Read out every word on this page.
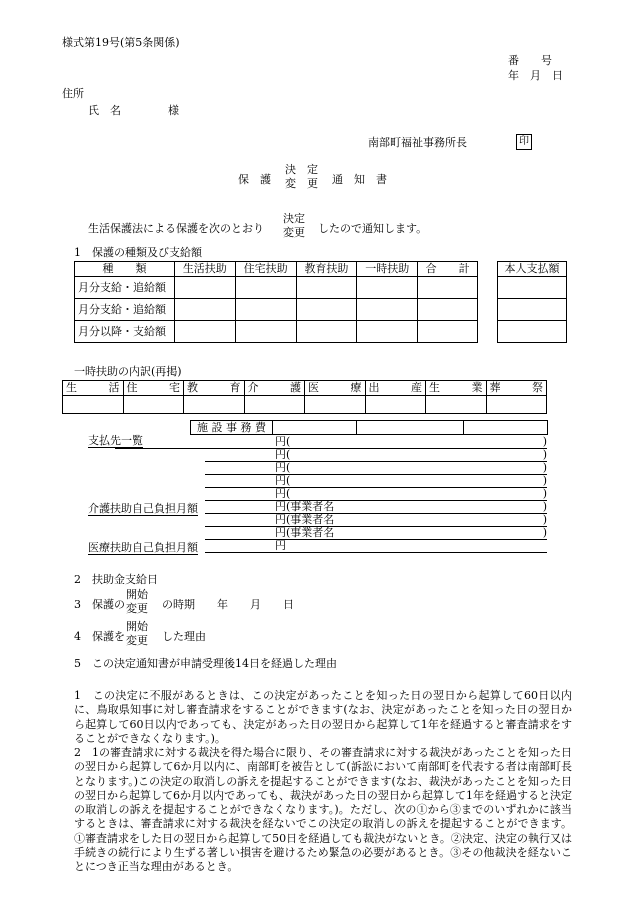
様式第19号(第5条関係)
番　　号
年　月　日
住所
氏　名	様
南部町福祉事務所長	印
保　護
決　定
変　更 通　知　書
生活保護法による保護を次のとおり
決定
変更 したので通知します。
1　保護の種類及び支給額
種　　類	生活扶助	住宅扶助	教育扶助	一時扶助	合　　計
月分支給・追給額					
月分支給・追給額					
月分以降・支給額					
本人支払額

一時扶助の内訳(再掲)
生 活	住 宅	教 育	介 護	医 療	出 産	生 業	葬 祭

施 設 事 務 費			
支払先一覧	円(	)
円(	)
円(	)
円(	)
円(	)
介護扶助自己負担月額	円(事業者名	)
円(事業者名	)
円(事業者名	)
医療扶助自己負担月額	円
2　扶助金支給日
3　保護の
開始
変更 の時期　　年　　月　　日
4　保護を
開始
変更 した理由
5　この決定通知書が申請受理後14日を経過した理由
1　この決定に不服があるときは、この決定があったことを知った日の翌日から起算して60日以内に、鳥取県知事に対し審査請求をすることができます(なお、決定があったことを知った日の翌日から起算して60日以内であっても、決定があった日の翌日から起算して1年を経過すると審査請求をすることができなくなります。)。
2　1の審査請求に対する裁決を得た場合に限り、その審査請求に対する裁決があったことを知った日の翌日から起算して6か月以内に、南部町を被告として(訴訟において南部町を代表する者は南部町長となります。)この決定の取消しの訴えを提起することができます(なお、裁決があったことを知った日の翌日から起算して6か月以内であっても、裁決があった日の翌日から起算して1年を経過すると決定の取消しの訴えを提起することができなくなります。)。ただし、次の①から③までのいずれかに該当するときは、審査請求に対する裁決を経ないでこの決定の取消しの訴えを提起することができます。①審査請求をした日の翌日から起算して50日を経過しても裁決がないとき。②決定、決定の執行又は手続きの続行により生ずる著しい損害を避けるため緊急の必要があるとき。③その他裁決を経ないことにつき正当な理由があるとき。
